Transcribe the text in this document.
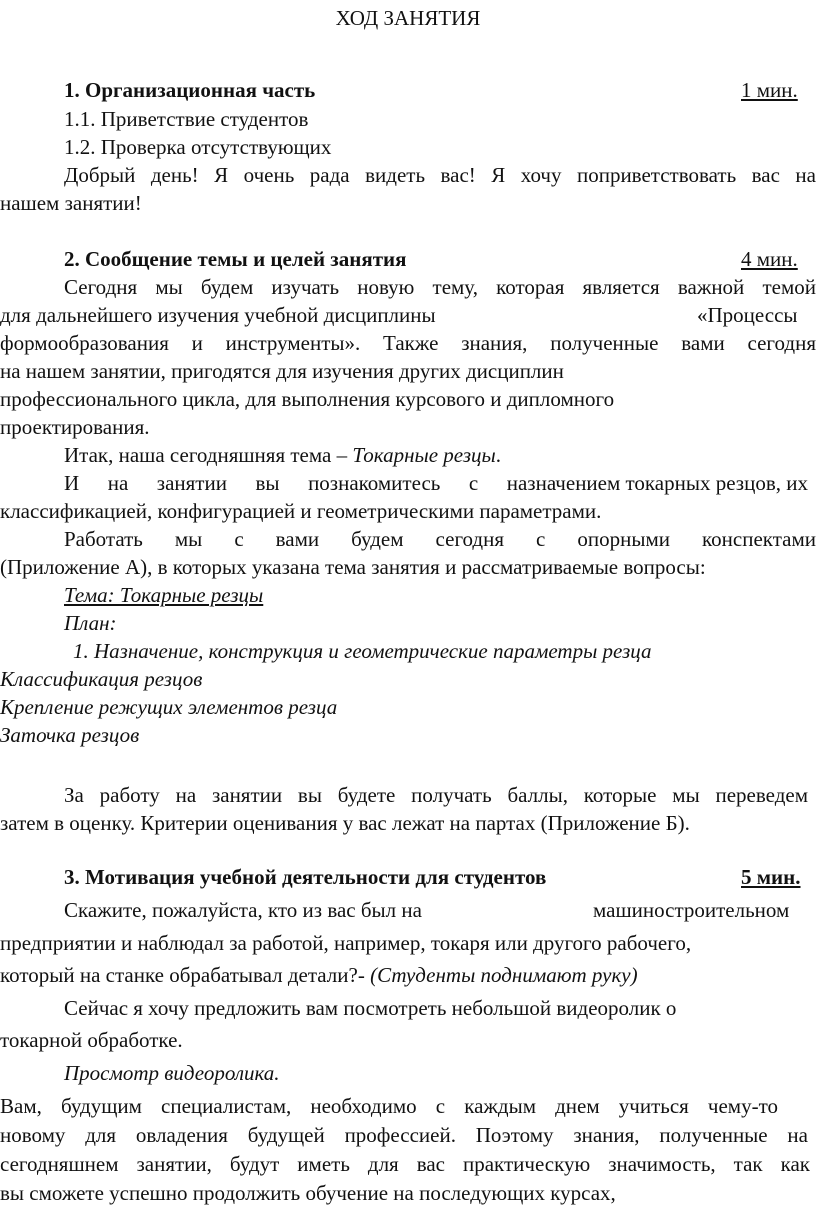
ХОД ЗАНЯТИЯ
1. Организационная часть	1 мин.
1.1. Приветствие студентов
1.2. Проверка отсутствующих
Добрый день! Я очень рада видеть вас! Я хочу поприветствовать вас на
нашем занятии!
2. Сообщение темы и целей занятия	4 мин.
Сегодня мы будем изучать новую тему, которая является важной темой
для дальнейшего изучения учебной дисциплины	«Процессы
формообразования и инструменты». Также знания, полученные вами сегодня
на нашем занятии, пригодятся для изучения других дисциплин
профессионального цикла, для выполнения курсового и дипломного
проектирования.
Итак, наша сегодняшняя тема – Токарные резцы.
И на занятии вы познакомитесь с назначением токарных резцов, их
классификацией, конфигурацией и геометрическими параметрами.
Работать мы с вами будем сегодня с опорными конспектами
(Приложение А), в которых указана тема занятия и рассматриваемые вопросы:
Тема: Токарные резцы
План:
1. Назначение, конструкция и геометрические параметры резца
Классификация резцов
Крепление режущих элементов резца
Заточка резцов
За работу на занятии вы будете получать баллы, которые мы переведем
затем в оценку. Критерии оценивания у вас лежат на партах (Приложение Б).
3. Мотивация учебной деятельности для студентов	5 мин.
Скажите, пожалуйста, кто из вас был на	машиностроительном
предприятии и наблюдал за работой, например, токаря или другого рабочего,
который на станке обрабатывал детали?- (Студенты поднимают руку)
Сейчас я хочу предложить вам посмотреть небольшой видеоролик о
токарной обработке.
Просмотр видеоролика.
Вам, будущим специалистам, необходимо с каждым днем учиться чему-то
новому для овладения будущей профессией. Поэтому знания, полученные на
сегодняшнем занятии, будут иметь для вас практическую значимость, так как
вы сможете успешно продолжить обучение на последующих курсах,
